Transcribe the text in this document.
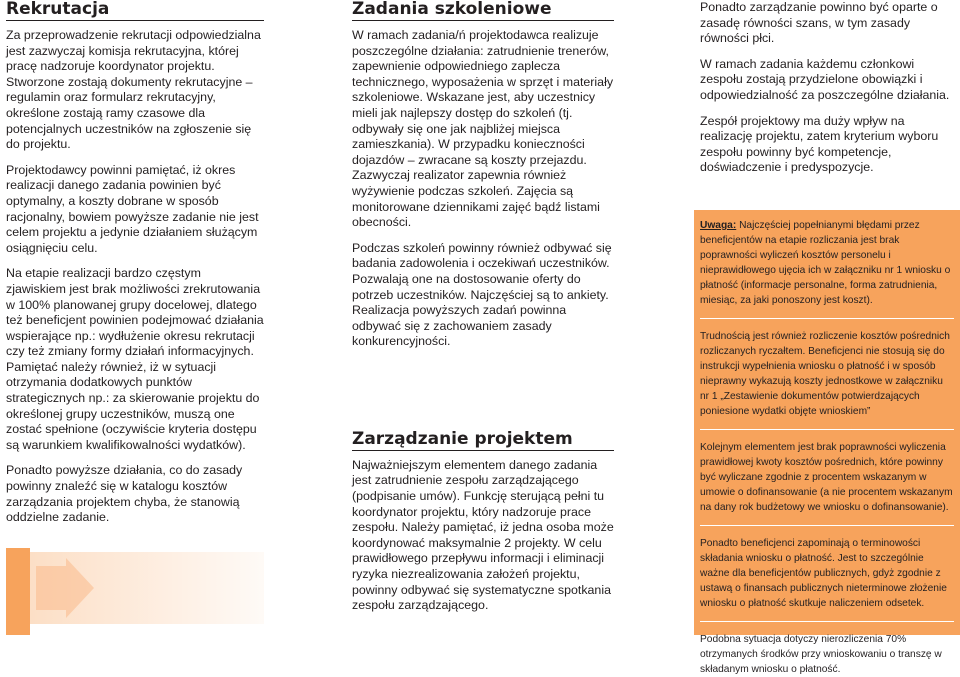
Rekrutacja

Za przeprowadzenie rekrutacji odpowiedzialna jest zazwyczaj komisja rekrutacyjna, której pracę nadzoruje koordynator projektu. Stworzone zostają dokumenty rekrutacyjne – regulamin oraz formularz rekrutacyjny, określone zostają ramy czasowe dla potencjalnych uczestników na zgłoszenie się do projektu.

Projektodawcy powinni pamiętać, iż okres realizacji danego zadania powinien być optymalny, a koszty dobrane w sposób racjonalny, bowiem powyższe zadanie nie jest celem projektu a jedynie działaniem służącym osiągnięciu celu.

Na etapie realizacji bardzo częstym zjawiskiem jest brak możliwości zrekrutowania w 100% planowanej grupy docelowej, dlatego też beneficjent powinien podejmować działania wspierające np.: wydłużenie okresu rekrutacji czy też zmiany formy działań informacyjnych. Pamiętać należy również, iż w sytuacji otrzymania dodatkowych punktów strategicznych np.: za skierowanie projektu do określonej grupy uczestników, muszą one zostać spełnione (oczywiście kryteria dostępu są warunkiem kwalifikowalności wydatków).

Ponadto powyższe działania, co do zasady powinny znaleźć się w katalogu kosztów zarządzania projektem chyba, że stanowią oddzielne zadanie.

Zadania szkoleniowe

W ramach zadania/ń projektodawca realizuje poszczególne działania: zatrudnienie trenerów, zapewnienie odpowiedniego zaplecza technicznego, wyposażenia w sprzęt i materiały szkoleniowe. Wskazane jest, aby uczestnicy mieli jak najlepszy dostęp do szkoleń (tj. odbywały się one jak najbliżej miejsca zamieszkania). W przypadku konieczności dojazdów – zwracane są koszty przejazdu. Zazwyczaj realizator zapewnia również wyżywienie podczas szkoleń. Zajęcia są monitorowane dziennikami zajęć bądź listami obecności.

Podczas szkoleń powinny również odbywać się badania zadowolenia i oczekiwań uczestników. Pozwalają one na dostosowanie oferty do potrzeb uczestników. Najczęściej są to ankiety. Realizacja powyższych zadań powinna odbywać się z zachowaniem zasady konkurencyjności.

Zarządzanie projektem

Najważniejszym elementem danego zadania jest zatrudnienie zespołu zarządzającego (podpisanie umów). Funkcję sterującą pełni tu koordynator projektu, który nadzoruje prace zespołu. Należy pamiętać, iż jedna osoba może koordynować maksymalnie 2 projekty. W celu prawidłowego przepływu informacji i eliminacji ryzyka niezrealizowania założeń projektu, powinny odbywać się systematyczne spotkania zespołu zarządzającego.

Ponadto zarządzanie powinno być oparte o zasadę równości szans, w tym zasady równości płci.

W ramach zadania każdemu członkowi zespołu zostają przydzielone obowiązki i odpowiedzialność za poszczególne działania.

Zespół projektowy ma duży wpływ na realizację projektu, zatem kryterium wyboru zespołu powinny być kompetencje, doświadczenie i predyspozycje.

Uwaga: Najczęściej popełnianymi błędami przez beneficjentów na etapie rozliczania jest brak poprawności wyliczeń kosztów personelu i nieprawidłowego ujęcia ich w załączniku nr 1 wniosku o płatność (informacje personalne, forma zatrudnienia, miesiąc, za jaki ponoszony jest koszt).

Trudnością jest również rozliczenie kosztów pośrednich rozliczanych ryczałtem. Beneficjenci nie stosują się do instrukcji wypełnienia wniosku o płatność i w sposób nieprawny wykazują koszty jednostkowe w załączniku nr 1 „Zestawienie dokumentów potwierdzających poniesione wydatki objęte wnioskiem”

Kolejnym elementem jest brak poprawności wyliczenia prawidłowej kwoty kosztów pośrednich, które powinny być wyliczane zgodnie z procentem wskazanym w umowie o dofinansowanie (a nie procentem wskazanym na dany rok budżetowy we wniosku o dofinansowanie).

Ponadto beneficjenci zapominają o terminowości składania wniosku o płatność. Jest to szczególnie ważne dla beneficjentów publicznych, gdyż zgodnie z ustawą o finansach publicznych nieterminowe złożenie wniosku o płatność skutkuje naliczeniem odsetek.

Podobna sytuacja dotyczy nierozliczenia 70% otrzymanych środków przy wnioskowaniu o transzę w składanym wniosku o płatność.
